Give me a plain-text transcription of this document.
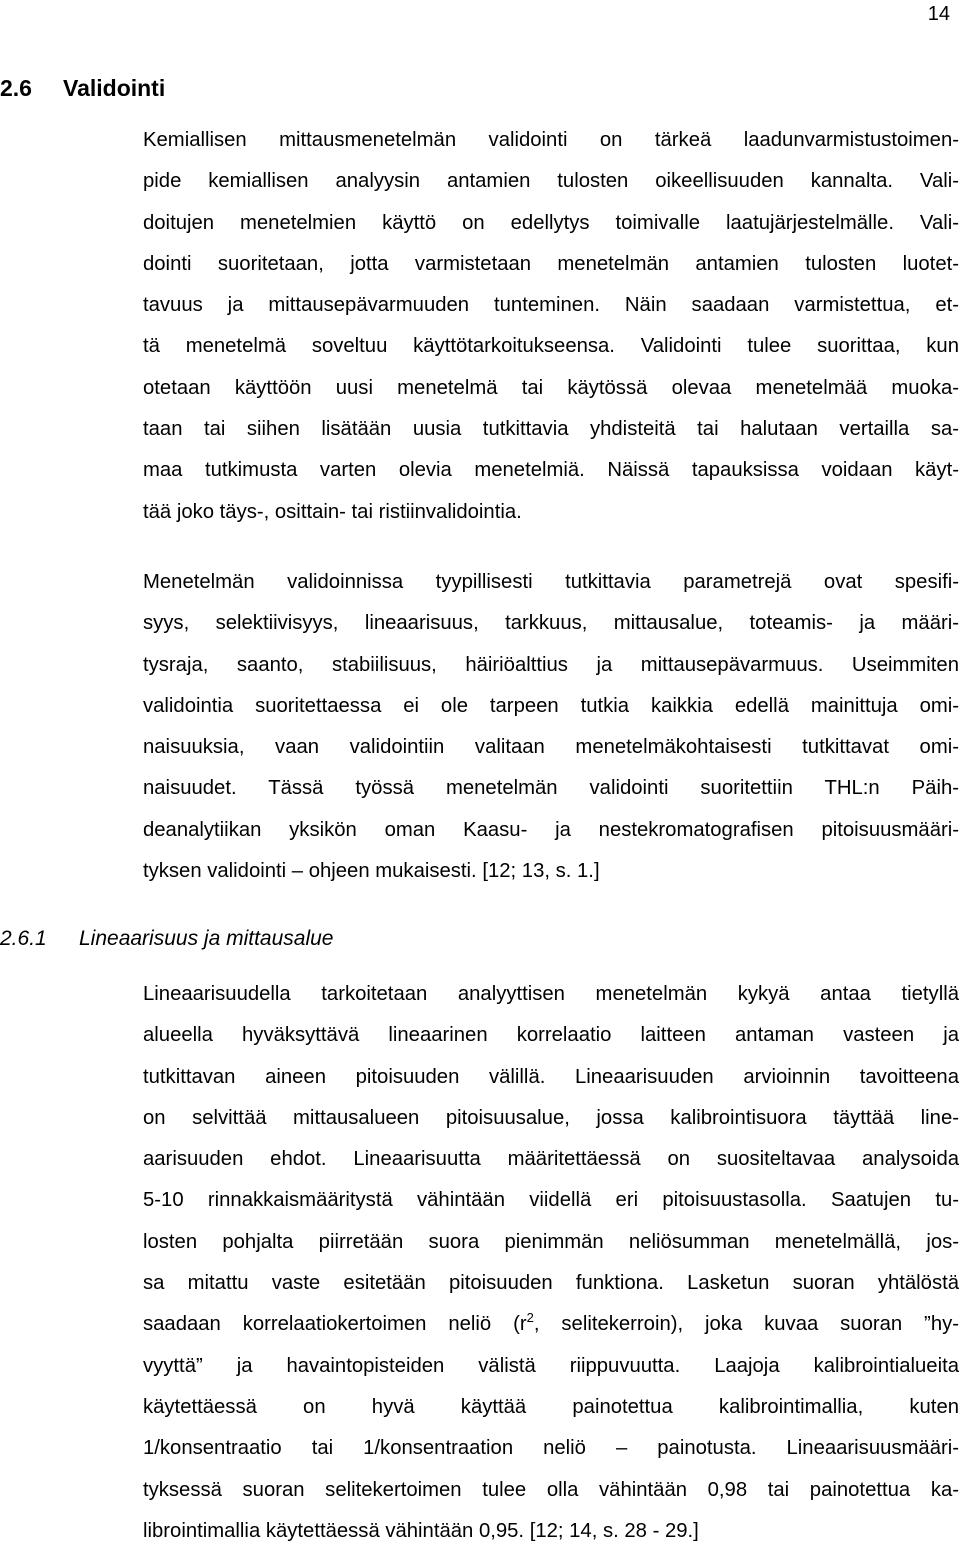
14
2.6 Validointi

Kemiallisen mittausmenetelmän validointi on tärkeä laadunvarmistustoimen-
pide kemiallisen analyysin antamien tulosten oikeellisuuden kannalta. Vali-
doitujen menetelmien käyttö on edellytys toimivalle laatujärjestelmälle. Vali-
dointi suoritetaan, jotta varmistetaan menetelmän antamien tulosten luotet-
tavuus ja mittausepävarmuuden tunteminen. Näin saadaan varmistettua, et-
tä menetelmä soveltuu käyttötarkoitukseensa. Validointi tulee suorittaa, kun
otetaan käyttöön uusi menetelmä tai käytössä olevaa menetelmää muoka-
taan tai siihen lisätään uusia tutkittavia yhdisteitä tai halutaan vertailla sa-
maa tutkimusta varten olevia menetelmiä. Näissä tapauksissa voidaan käyt-
tää joko täys-, osittain- tai ristiinvalidointia.

Menetelmän validoinnissa tyypillisesti tutkittavia parametrejä ovat spesifi-
syys, selektiivisyys, lineaarisuus, tarkkuus, mittausalue, toteamis- ja määri-
tysraja, saanto, stabiilisuus, häiriöalttius ja mittausepävarmuus. Useimmiten
validointia suoritettaessa ei ole tarpeen tutkia kaikkia edellä mainittuja omi-
naisuuksia, vaan validointiin valitaan menetelmäkohtaisesti tutkittavat omi-
naisuudet. Tässä työssä menetelmän validointi suoritettiin THL:n Päih-
deanalytiikan yksikön oman Kaasu- ja nestekromatografisen pitoisuusmääri-
tyksen validointi – ohjeen mukaisesti. [12; 13, s. 1.]

2.6.1 Lineaarisuus ja mittausalue

Lineaarisuudella tarkoitetaan analyyttisen menetelmän kykyä antaa tietyllä
alueella hyväksyttävä lineaarinen korrelaatio laitteen antaman vasteen ja
tutkittavan aineen pitoisuuden välillä. Lineaarisuuden arvioinnin tavoitteena
on selvittää mittausalueen pitoisuusalue, jossa kalibrointisuora täyttää line-
aarisuuden ehdot. Lineaarisuutta määritettäessä on suositeltavaa analysoida
5-10 rinnakkaismääritystä vähintään viidellä eri pitoisuustasolla. Saatujen tu-
losten pohjalta piirretään suora pienimmän neliösumman menetelmällä, jos-
sa mitattu vaste esitetään pitoisuuden funktiona. Lasketun suoran yhtälöstä
saadaan korrelaatiokertoimen neliö ($r^2$, selitekerroin), joka kuvaa suoran ”hy-
vyyttä” ja havaintopisteiden välistä riippuvuutta. Laajoja kalibrointialueita
käytettäessä on hyvä käyttää painotettua kalibrointimallia, kuten
1/konsentraatio tai 1/konsentraation neliö – painotusta. Lineaarisuusmääri-
tyksessä suoran selitekertoimen tulee olla vähintään 0,98 tai painotettua ka-
librointimallia käytettäessä vähintään 0,95. [12; 14, s. 28 - 29.]
